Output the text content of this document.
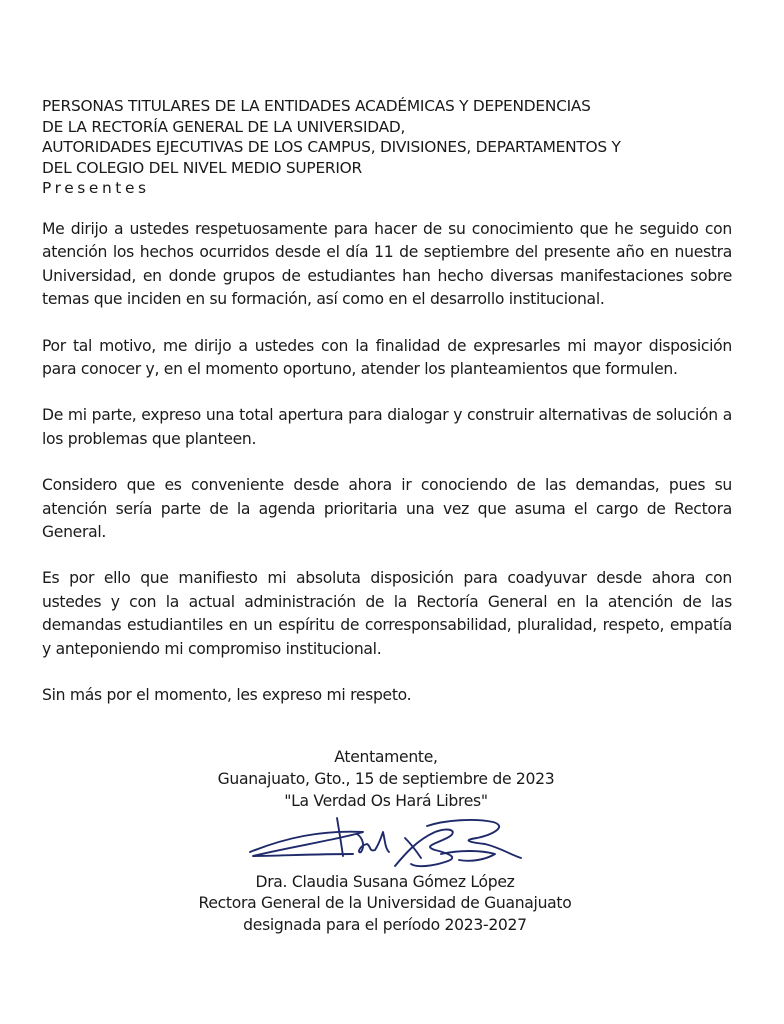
PERSONAS TITULARES DE LA ENTIDADES ACADÉMICAS Y DEPENDENCIAS
DE LA RECTORÍA GENERAL DE LA UNIVERSIDAD,
AUTORIDADES EJECUTIVAS DE LOS CAMPUS, DIVISIONES, DEPARTAMENTOS Y
DEL COLEGIO DEL NIVEL MEDIO SUPERIOR
Presentes

Me dirijo a ustedes respetuosamente para hacer de su conocimiento que he seguido con atención los hechos ocurridos desde el día 11 de septiembre del presente año en nuestra Universidad, en donde grupos de estudiantes han hecho diversas manifestaciones sobre temas que inciden en su formación, así como en el desarrollo institucional.

Por tal motivo, me dirijo a ustedes con la finalidad de expresarles mi mayor disposición para conocer y, en el momento oportuno, atender los planteamientos que formulen.

De mi parte, expreso una total apertura para dialogar y construir alternativas de solución a los problemas que planteen.

Considero que es conveniente desde ahora ir conociendo de las demandas, pues su atención sería parte de la agenda prioritaria una vez que asuma el cargo de Rectora General.

Es por ello que manifiesto mi absoluta disposición para coadyuvar desde ahora con ustedes y con la actual administración de la Rectoría General en la atención de las demandas estudiantiles en un espíritu de corresponsabilidad, pluralidad, respeto, empatía y anteponiendo mi compromiso institucional.

Sin más por el momento, les expreso mi respeto.

Atentamente,
Guanajuato, Gto., 15 de septiembre de 2023
"La Verdad Os Hará Libres"
Dra. Claudia Susana Gómez López
Rectora General de la Universidad de Guanajuato
designada para el período 2023-2027
